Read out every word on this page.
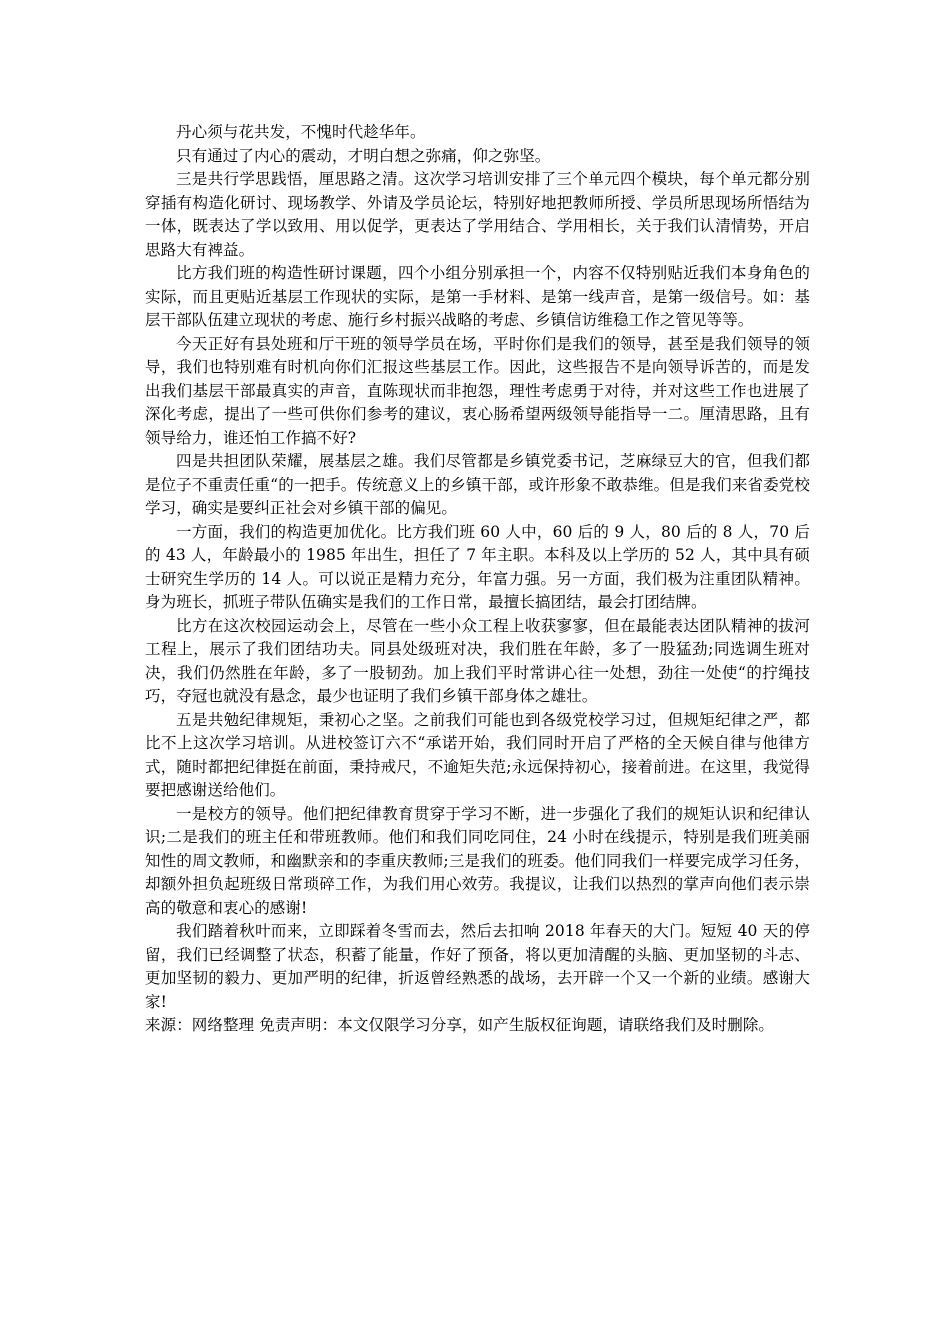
丹心须与花共发，不愧时代趁华年。

只有通过了内心的震动，才明白想之弥痛，仰之弥坚。

三是共行学思践悟，厘思路之清。这次学习培训安排了三个单元四个模块，每个单元都分别穿插有构造化研讨、现场教学、外请及学员论坛，特别好地把教师所授、学员所思现场所悟结为一体，既表达了学以致用、用以促学，更表达了学用结合、学用相长，关于我们认清情势，开启思路大有裨益。

比方我们班的构造性研讨课题，四个小组分别承担一个，内容不仅特别贴近我们本身角色的实际，而且更贴近基层工作现状的实际，是第一手材料、是第一线声音，是第一级信号。如：基层干部队伍建立现状的考虑、施行乡村振兴战略的考虑、乡镇信访维稳工作之管见等等。

今天正好有县处班和厅干班的领导学员在场，平时你们是我们的领导，甚至是我们领导的领导，我们也特别难有时机向你们汇报这些基层工作。因此，这些报告不是向领导诉苦的，而是发出我们基层干部最真实的声音，直陈现状而非抱怨，理性考虑勇于对待，并对这些工作也进展了深化考虑，提出了一些可供你们参考的建议，衷心肠希望两级领导能指导一二。厘清思路，且有领导给力，谁还怕工作搞不好?

四是共担团队荣耀，展基层之雄。我们尽管都是乡镇党委书记，芝麻绿豆大的官，但我们都是位子不重责任重“的一把手。传统意义上的乡镇干部，或许形象不敢恭维。但是我们来省委党校学习，确实是要纠正社会对乡镇干部的偏见。

一方面，我们的构造更加优化。比方我们班 60 人中，60 后的 9 人，80 后的 8 人，70 后的 43 人，年龄最小的 1985 年出生，担任了 7 年主职。本科及以上学历的 52 人，其中具有硕士研究生学历的 14 人。可以说正是精力充分，年富力强。另一方面，我们极为注重团队精神。身为班长，抓班子带队伍确实是我们的工作日常，最擅长搞团结，最会打团结牌。

比方在这次校园运动会上，尽管在一些小众工程上收获寥寥，但在最能表达团队精神的拔河工程上，展示了我们团结功夫。同县处级班对决，我们胜在年龄，多了一股猛劲;同选调生班对决，我们仍然胜在年龄，多了一股韧劲。加上我们平时常讲心往一处想，劲往一处使“的拧绳技巧，夺冠也就没有悬念，最少也证明了我们乡镇干部身体之雄壮。

五是共勉纪律规矩，秉初心之坚。之前我们可能也到各级党校学习过，但规矩纪律之严，都比不上这次学习培训。从进校签订六不“承诺开始，我们同时开启了严格的全天候自律与他律方式，随时都把纪律挺在前面，秉持戒尺，不逾矩失范;永远保持初心，接着前进。在这里，我觉得要把感谢送给他们。

一是校方的领导。他们把纪律教育贯穿于学习不断，进一步强化了我们的规矩认识和纪律认识;二是我们的班主任和带班教师。他们和我们同吃同住，24 小时在线提示，特别是我们班美丽知性的周文教师，和幽默亲和的李重庆教师;三是我们的班委。他们同我们一样要完成学习任务，却额外担负起班级日常琐碎工作，为我们用心效劳。我提议，让我们以热烈的掌声向他们表示崇高的敬意和衷心的感谢!

我们踏着秋叶而来，立即踩着冬雪而去，然后去扣响 2018 年春天的大门。短短 40 天的停留，我们已经调整了状态，积蓄了能量，作好了预备，将以更加清醒的头脑、更加坚韧的斗志、更加坚韧的毅力、更加严明的纪律，折返曾经熟悉的战场，去开辟一个又一个新的业绩。感谢大家!

来源：网络整理 免责声明：本文仅限学习分享，如产生版权征询题，请联络我们及时删除。
